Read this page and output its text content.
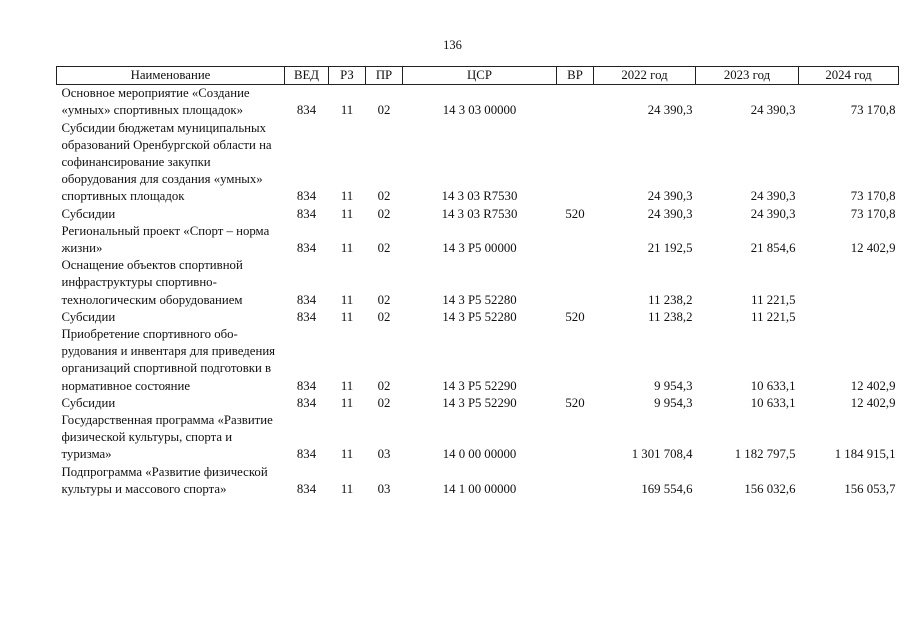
136
Наименование	ВЕД	РЗ	ПР	ЦСР	ВР	2022 год	2023 год	2024 год
Основное мероприятие «Создание «умных» спортивных площадок»	834	11	02	14 3 03 00000		24 390,3	24 390,3	73 170,8
Субсидии бюджетам муниципальных образований Оренбургской области на софинансирование закупки оборудования для создания «умных» спортивных площадок	834	11	02	14 3 03 R7530		24 390,3	24 390,3	73 170,8
Субсидии	834	11	02	14 3 03 R7530	520	24 390,3	24 390,3	73 170,8
Региональный проект «Спорт – норма жизни»	834	11	02	14 3 P5 00000		21 192,5	21 854,6	12 402,9
Оснащение объектов спортивной инфраструктуры спортивно-технологическим оборудованием	834	11	02	14 3 P5 52280		11 238,2	11 221,5	
Субсидии	834	11	02	14 3 P5 52280	520	11 238,2	11 221,5	
Приобретение спортивного оборудования и инвентаря для приведения организаций спортивной подготовки в нормативное состояние	834	11	02	14 3 P5 52290		9 954,3	10 633,1	12 402,9
Субсидии	834	11	02	14 3 P5 52290	520	9 954,3	10 633,1	12 402,9
Государственная программа «Развитие физической культуры, спорта и туризма»	834	11	03	14 0 00 00000		1 301 708,4	1 182 797,5	1 184 915,1
Подпрограмма «Развитие физической культуры и массового спорта»	834	11	03	14 1 00 00000		169 554,6	156 032,6	156 053,7
